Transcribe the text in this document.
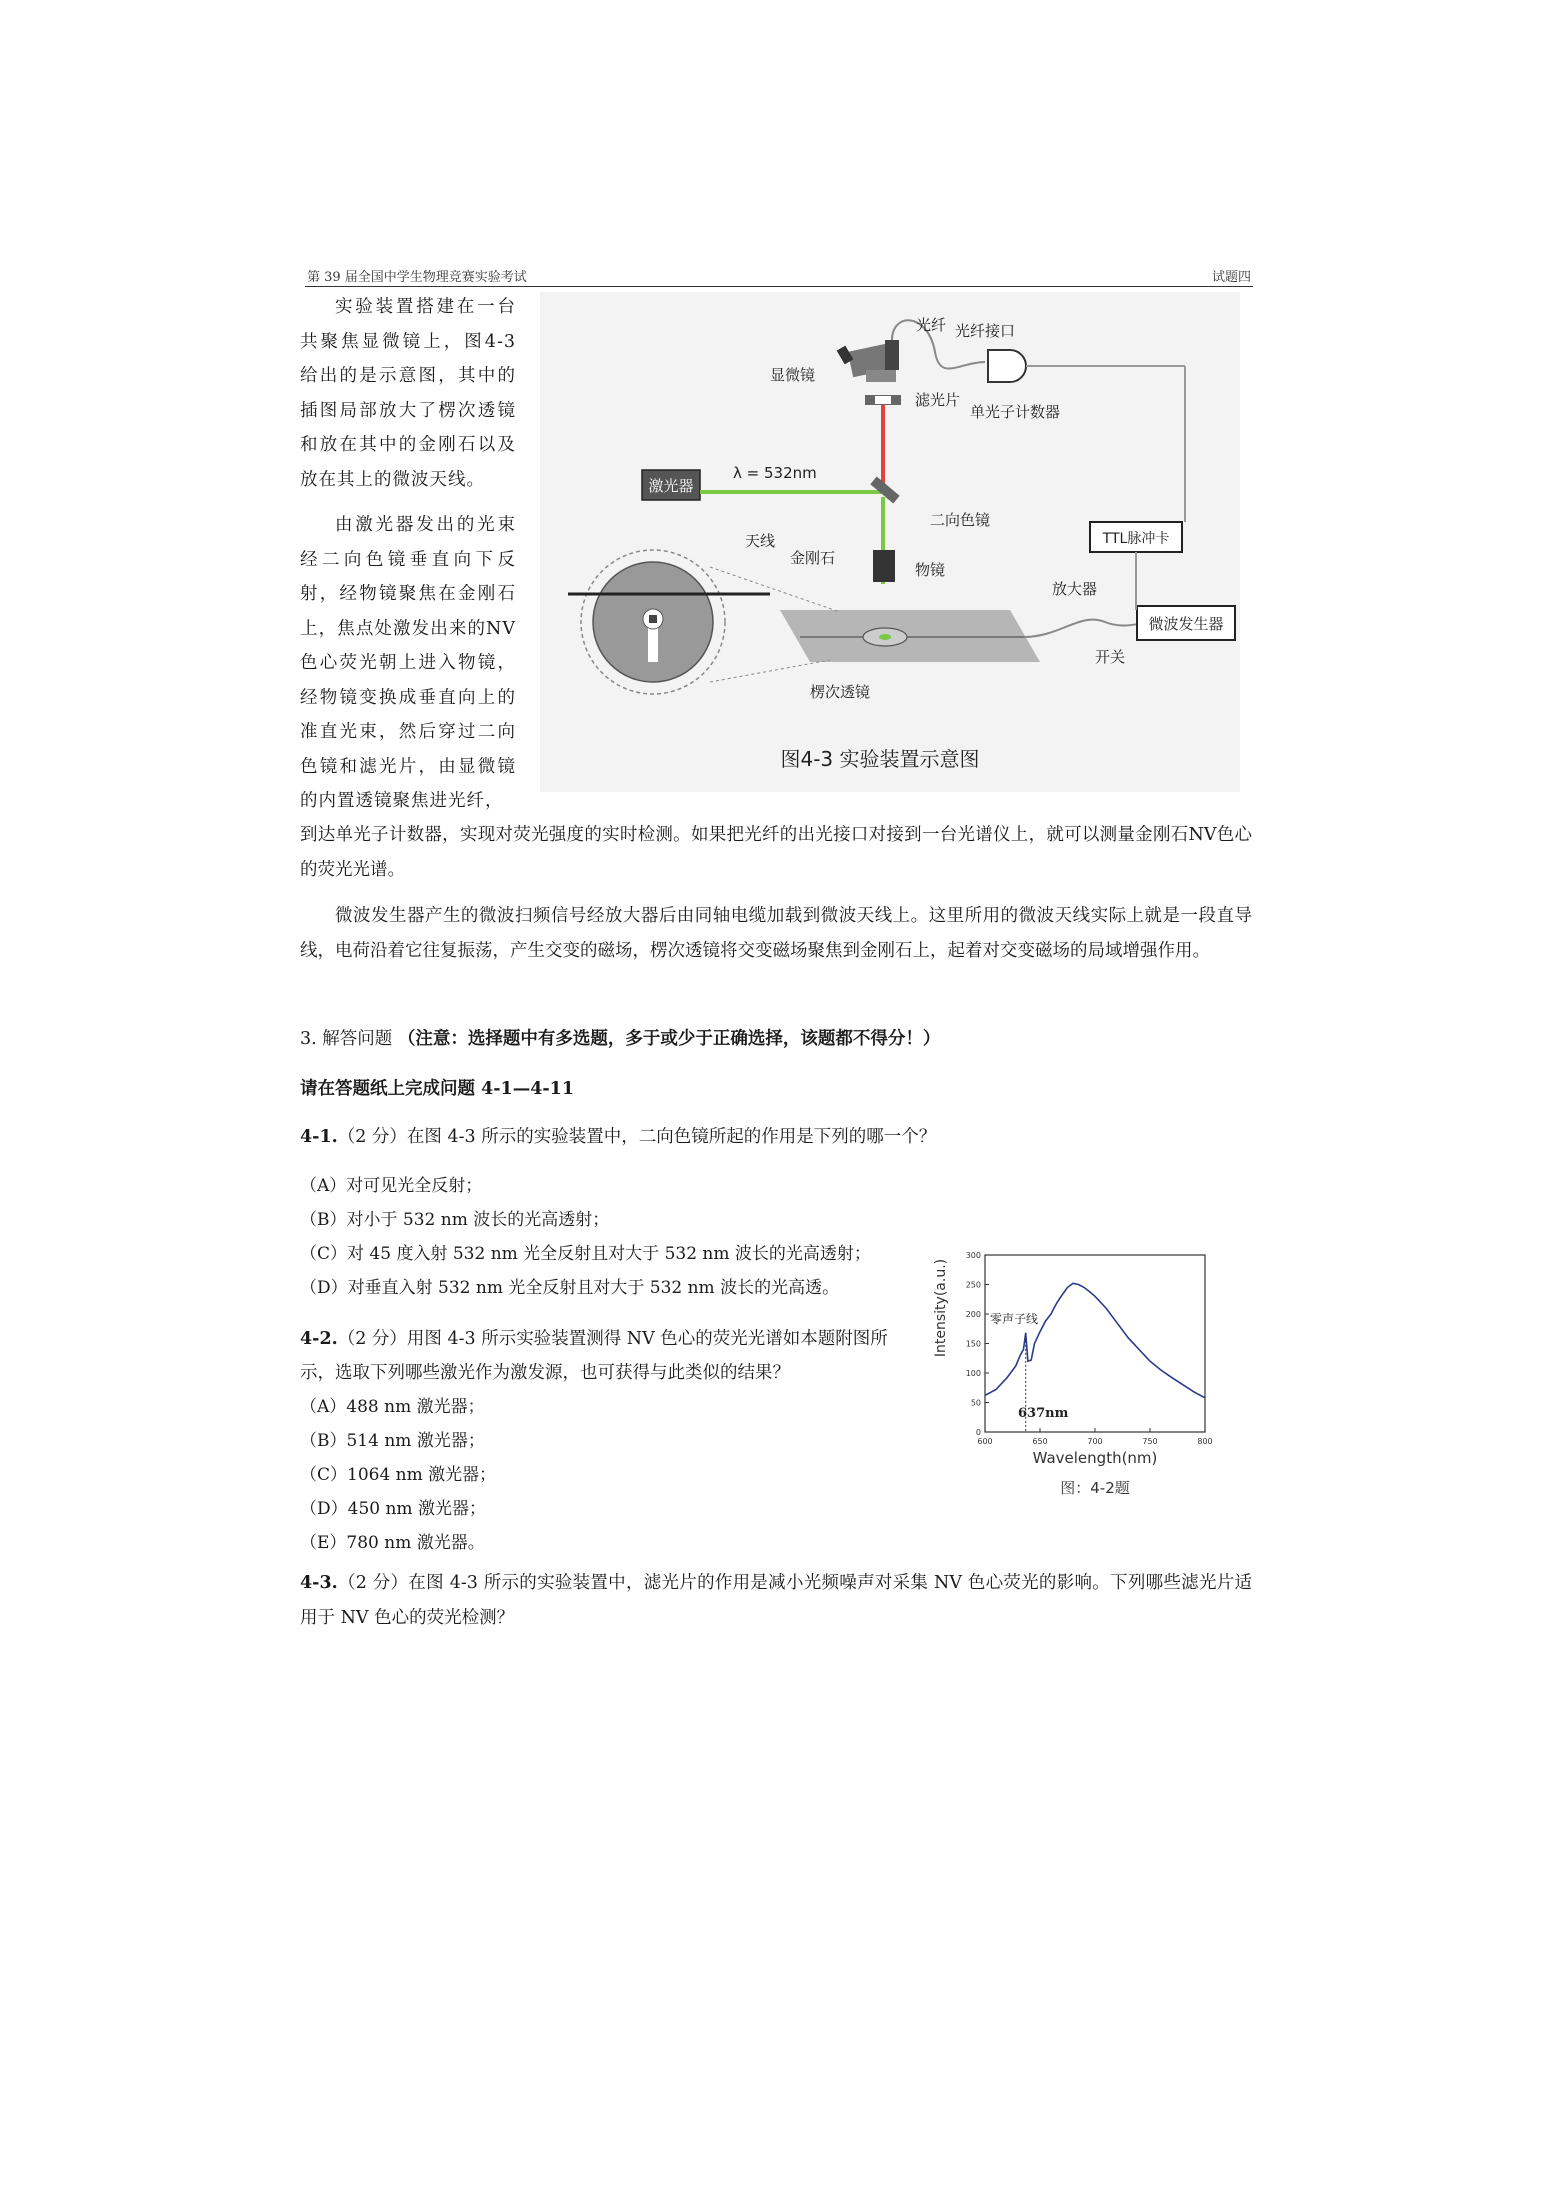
第 39 届全国中学生物理竞赛实验考试	试题四

实验装置搭建在一台共聚焦显微镜上，图4-3给出的是示意图，其中的插图局部放大了楞次透镜和放在其中的金刚石以及放在其上的微波天线。

由激光器发出的光束经二向色镜垂直向下反射，经物镜聚焦在金刚石上，焦点处激发出来的NV色心荧光朝上进入物镜，经物镜变换成垂直向上的准直光束，然后穿过二向色镜和滤光片，由显微镜的内置透镜聚焦进光纤，

激光器
λ = 532nm
微波发生器
TTL脉冲卡
光纤 光纤接口
显微镜
滤光片
单光子计数器
二向色镜
天线
金刚石
物镜
放大器
开关
楞次透镜
图4-3 实验装置示意图

到达单光子计数器，实现对荧光强度的实时检测。如果把光纤的出光接口对接到一台光谱仪上，就可以测量金刚石NV色心的荧光光谱。

微波发生器产生的微波扫频信号经放大器后由同轴电缆加载到微波天线上。这里所用的微波天线实际上就是一段直导线，电荷沿着它往复振荡，产生交变的磁场，楞次透镜将交变磁场聚焦到金刚石上，起着对交变磁场的局域增强作用。

3. 解答问题 （注意：选择题中有多选题，多于或少于正确选择，该题都不得分！）
请在答题纸上完成问题 4-1—4-11
4-1.（2 分）在图 4-3 所示的实验装置中，二向色镜所起的作用是下列的哪一个？
（A）对可见光全反射；
（B）对小于 532 nm 波长的光高透射；
（C）对 45 度入射 532 nm 光全反射且对大于 532 nm 波长的光高透射；
（D）对垂直入射 532 nm 光全反射且对大于 532 nm 波长的光高透。
4-2.（2 分）用图 4-3 所示实验装置测得 NV 色心的荧光光谱如本题附图所
示，选取下列哪些激光作为激发源，也可获得与此类似的结果？
（A）488 nm 激光器；
（B）514 nm 激光器；
（C）1064 nm 激光器；
（D）450 nm 激光器；
（E）780 nm 激光器。
0
50
100
150
200
250
300
600	650	700	750	800
Intensity(a.u.)
Wavelength(nm)
零声子线
637nm
图：4-2题

4-3.（2 分）在图 4-3 所示的实验装置中，滤光片的作用是减小光频噪声对采集 NV 色心荧光的影响。下列哪些滤光片适用于 NV 色心的荧光检测？
